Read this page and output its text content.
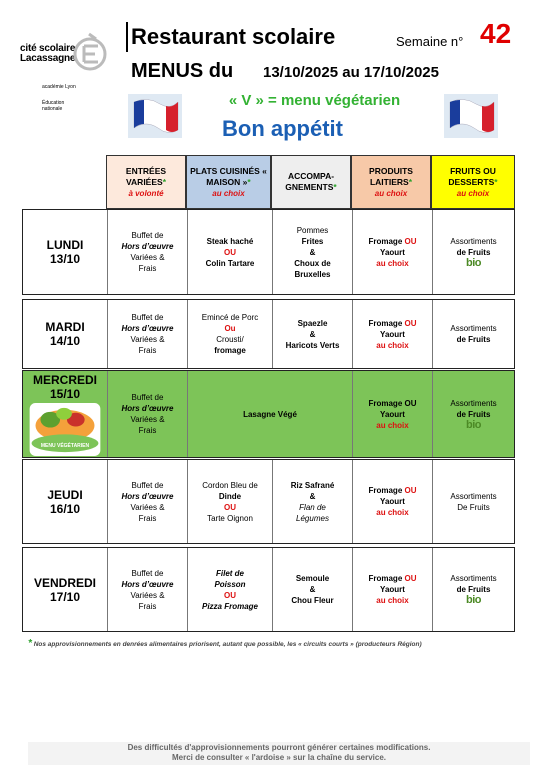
cité scolaire
Lacassagne
académie Lyon
Éducation nationale
Restaurant scolaire	Semaine n° 42
MENUS du 13/10/2025 au 17/10/2025
« V » = menu végétarien
Bon appétit
ENTRÉES VARIÉES*
à volonté
PLATS CUISINÉS « MAISON »*
au choix
ACCOMPA-GNEMENTS*
PRODUITS LAITIERS*
au choix
FRUITS OU DESSERTS*
au choix
LUNDI
13/10
Buffet de
Hors d’œuvre
Variées &
Frais
Steak haché
OU
Colin Tartare
Pommes
Frites
&
Choux de
Bruxelles
Fromage OU
Yaourt
au choix
Assortiments
de Fruits
bio
MARDI
14/10
Buffet de
Hors d’œuvre
Variées &
Frais
Emincé de Porc
Ou
Crousti/
fromage
Spaezle
&
Haricots Verts
Fromage OU
Yaourt
au choix
Assortiments
de Fruits
MERCREDI
15/10
MENU VÉGÉTARIEN
Buffet de
Hors d’œuvre
Variées &
Frais
Lasagne Végé
Fromage OU
Yaourt
au choix
Assortiments
de Fruits
bio
JEUDI
16/10
Buffet de
Hors d’œuvre
Variées &
Frais
Cordon Bleu de
Dinde
OU
Tarte Oignon
Riz Safrané
&
Flan de
Légumes
Fromage OU
Yaourt
au choix
Assortiments
De Fruits
VENDREDI
17/10
Buffet de
Hors d’œuvre
Variées &
Frais
Filet de
Poisson
OU
Pizza Fromage
Semoule
&
Chou Fleur
Fromage OU
Yaourt
au choix
Assortiments
de Fruits
bio
* Nos approvisionnements en denrées alimentaires priorisent, autant que possible, les « circuits courts » (producteurs Région)
Des difficultés d'approvisionnements pourront générer certaines modifications.
Merci de consulter « l'ardoise » sur la chaîne du service.
